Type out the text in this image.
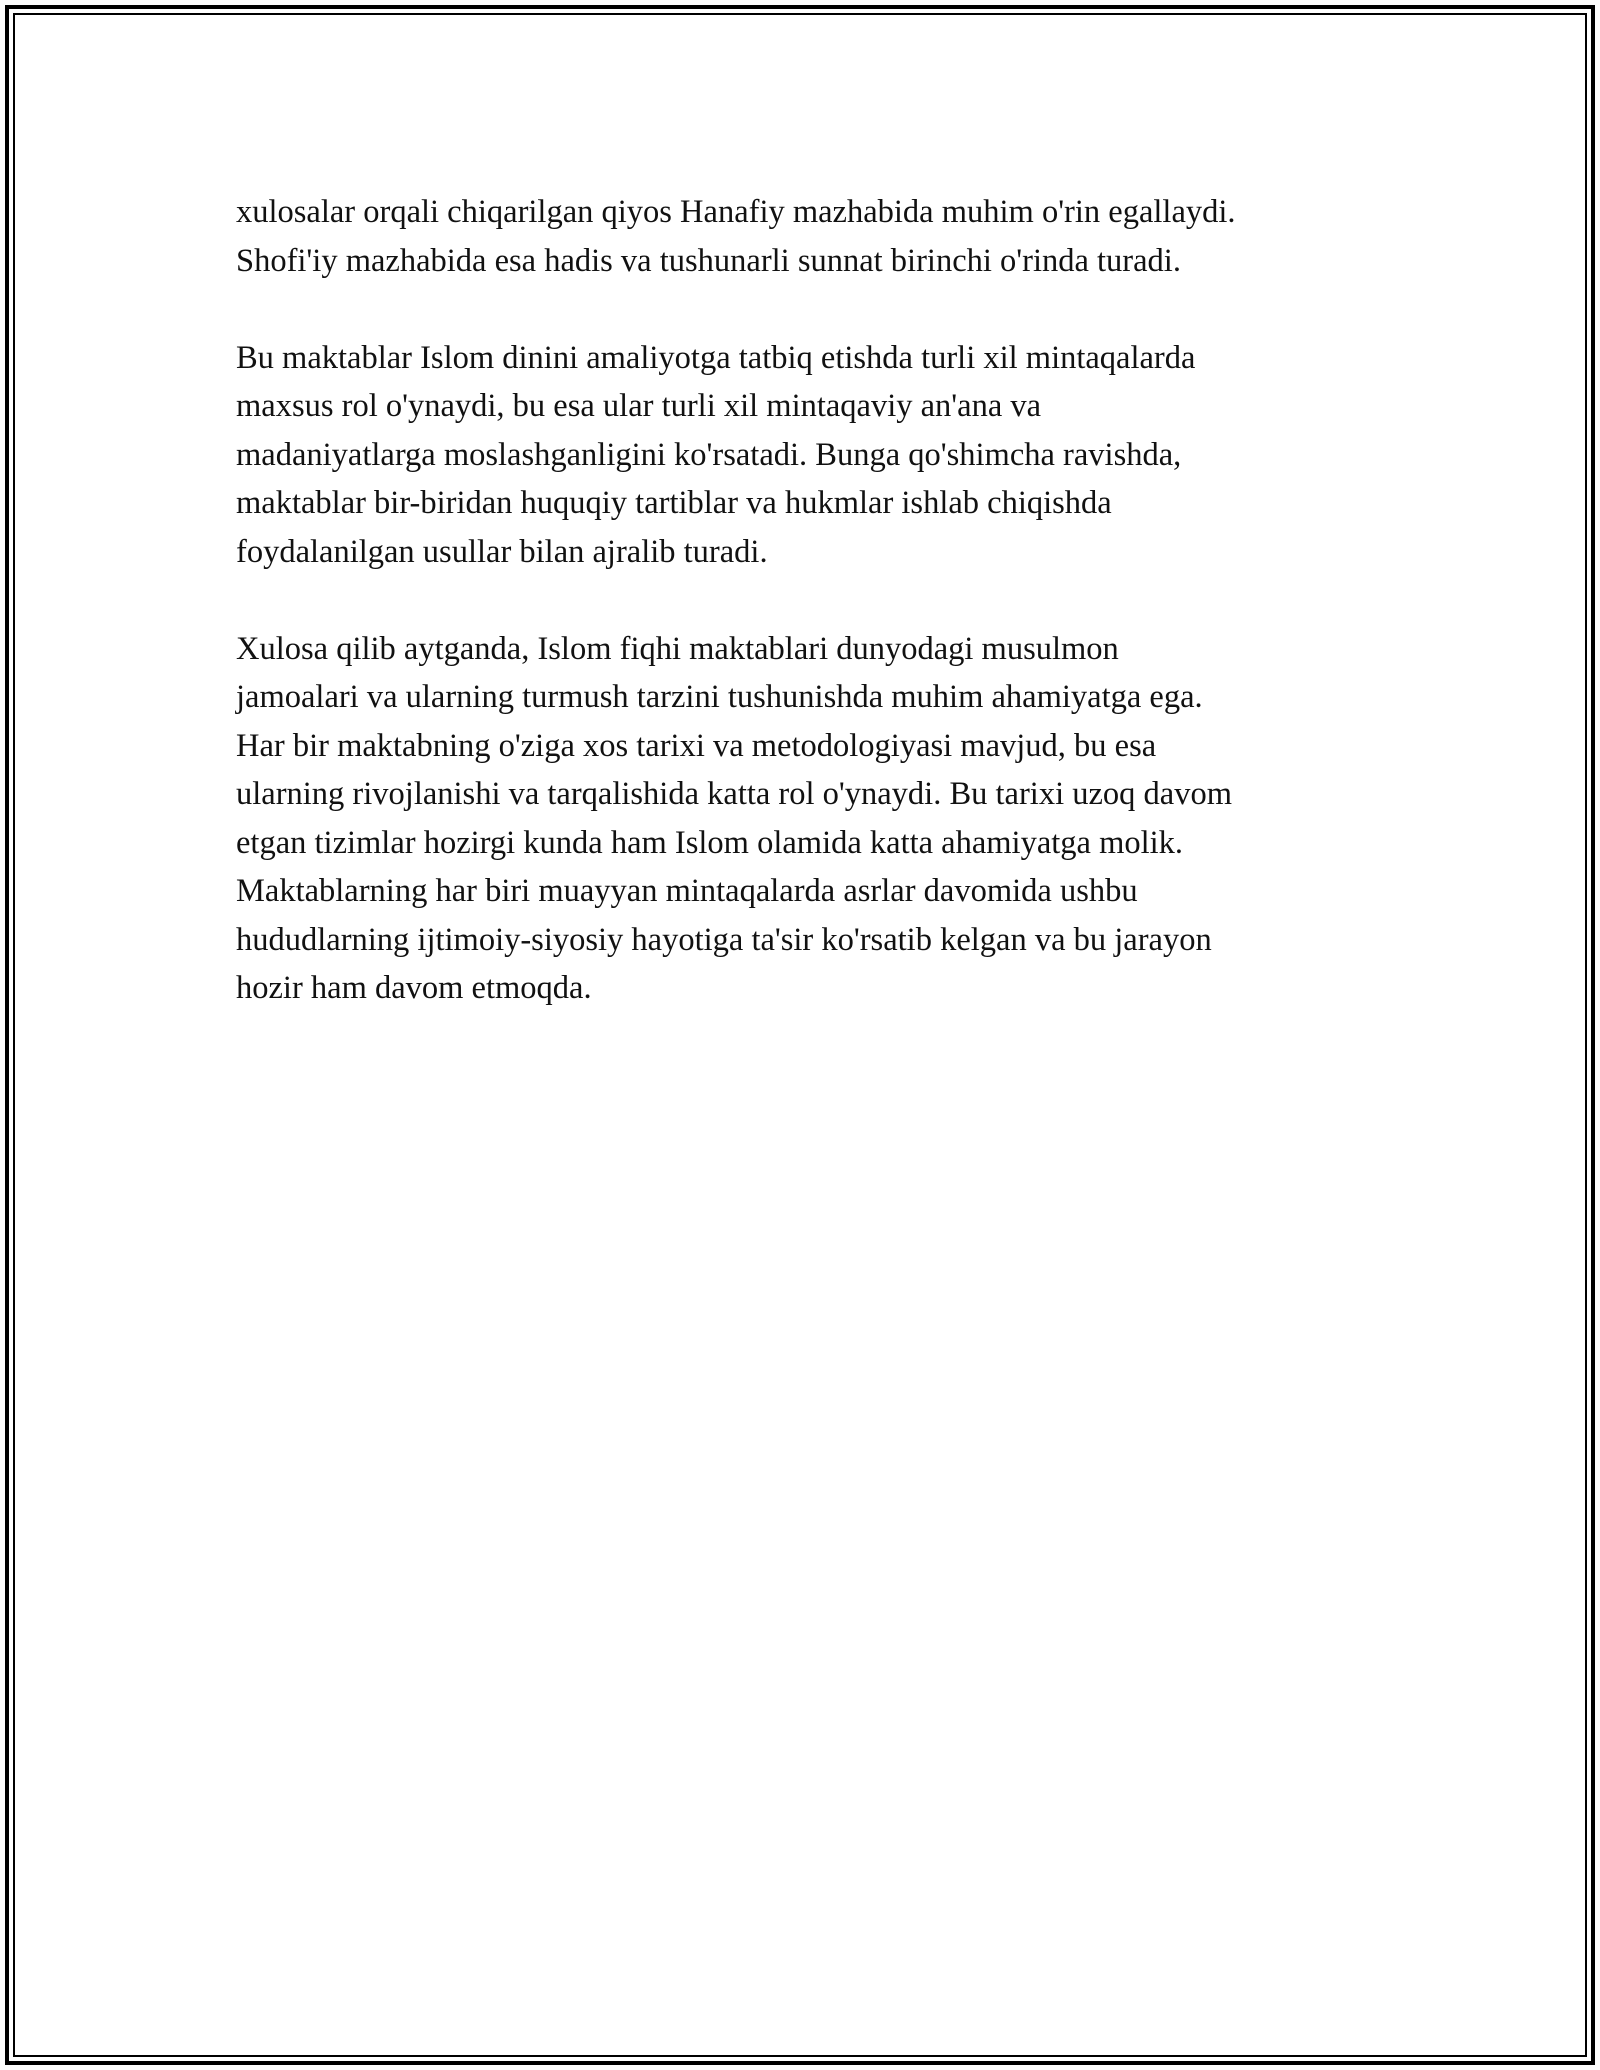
xulosalar orqali chiqarilgan qiyos Hanafiy mazhabida muhim o'rin egallaydi.
Shofi'iy mazhabida esa hadis va tushunarli sunnat birinchi o'rinda turadi.

Bu maktablar Islom dinini amaliyotga tatbiq etishda turli xil mintaqalarda
maxsus rol o'ynaydi, bu esa ular turli xil mintaqaviy an'ana va
madaniyatlarga moslashganligini ko'rsatadi. Bunga qo'shimcha ravishda,
maktablar bir-biridan huquqiy tartiblar va hukmlar ishlab chiqishda
foydalanilgan usullar bilan ajralib turadi.

Xulosa qilib aytganda, Islom fiqhi maktablari dunyodagi musulmon
jamoalari va ularning turmush tarzini tushunishda muhim ahamiyatga ega.
Har bir maktabning o'ziga xos tarixi va metodologiyasi mavjud, bu esa
ularning rivojlanishi va tarqalishida katta rol o'ynaydi. Bu tarixi uzoq davom
etgan tizimlar hozirgi kunda ham Islom olamida katta ahamiyatga molik.
Maktablarning har biri muayyan mintaqalarda asrlar davomida ushbu
hududlarning ijtimoiy-siyosiy hayotiga ta'sir ko'rsatib kelgan va bu jarayon
hozir ham davom etmoqda.
